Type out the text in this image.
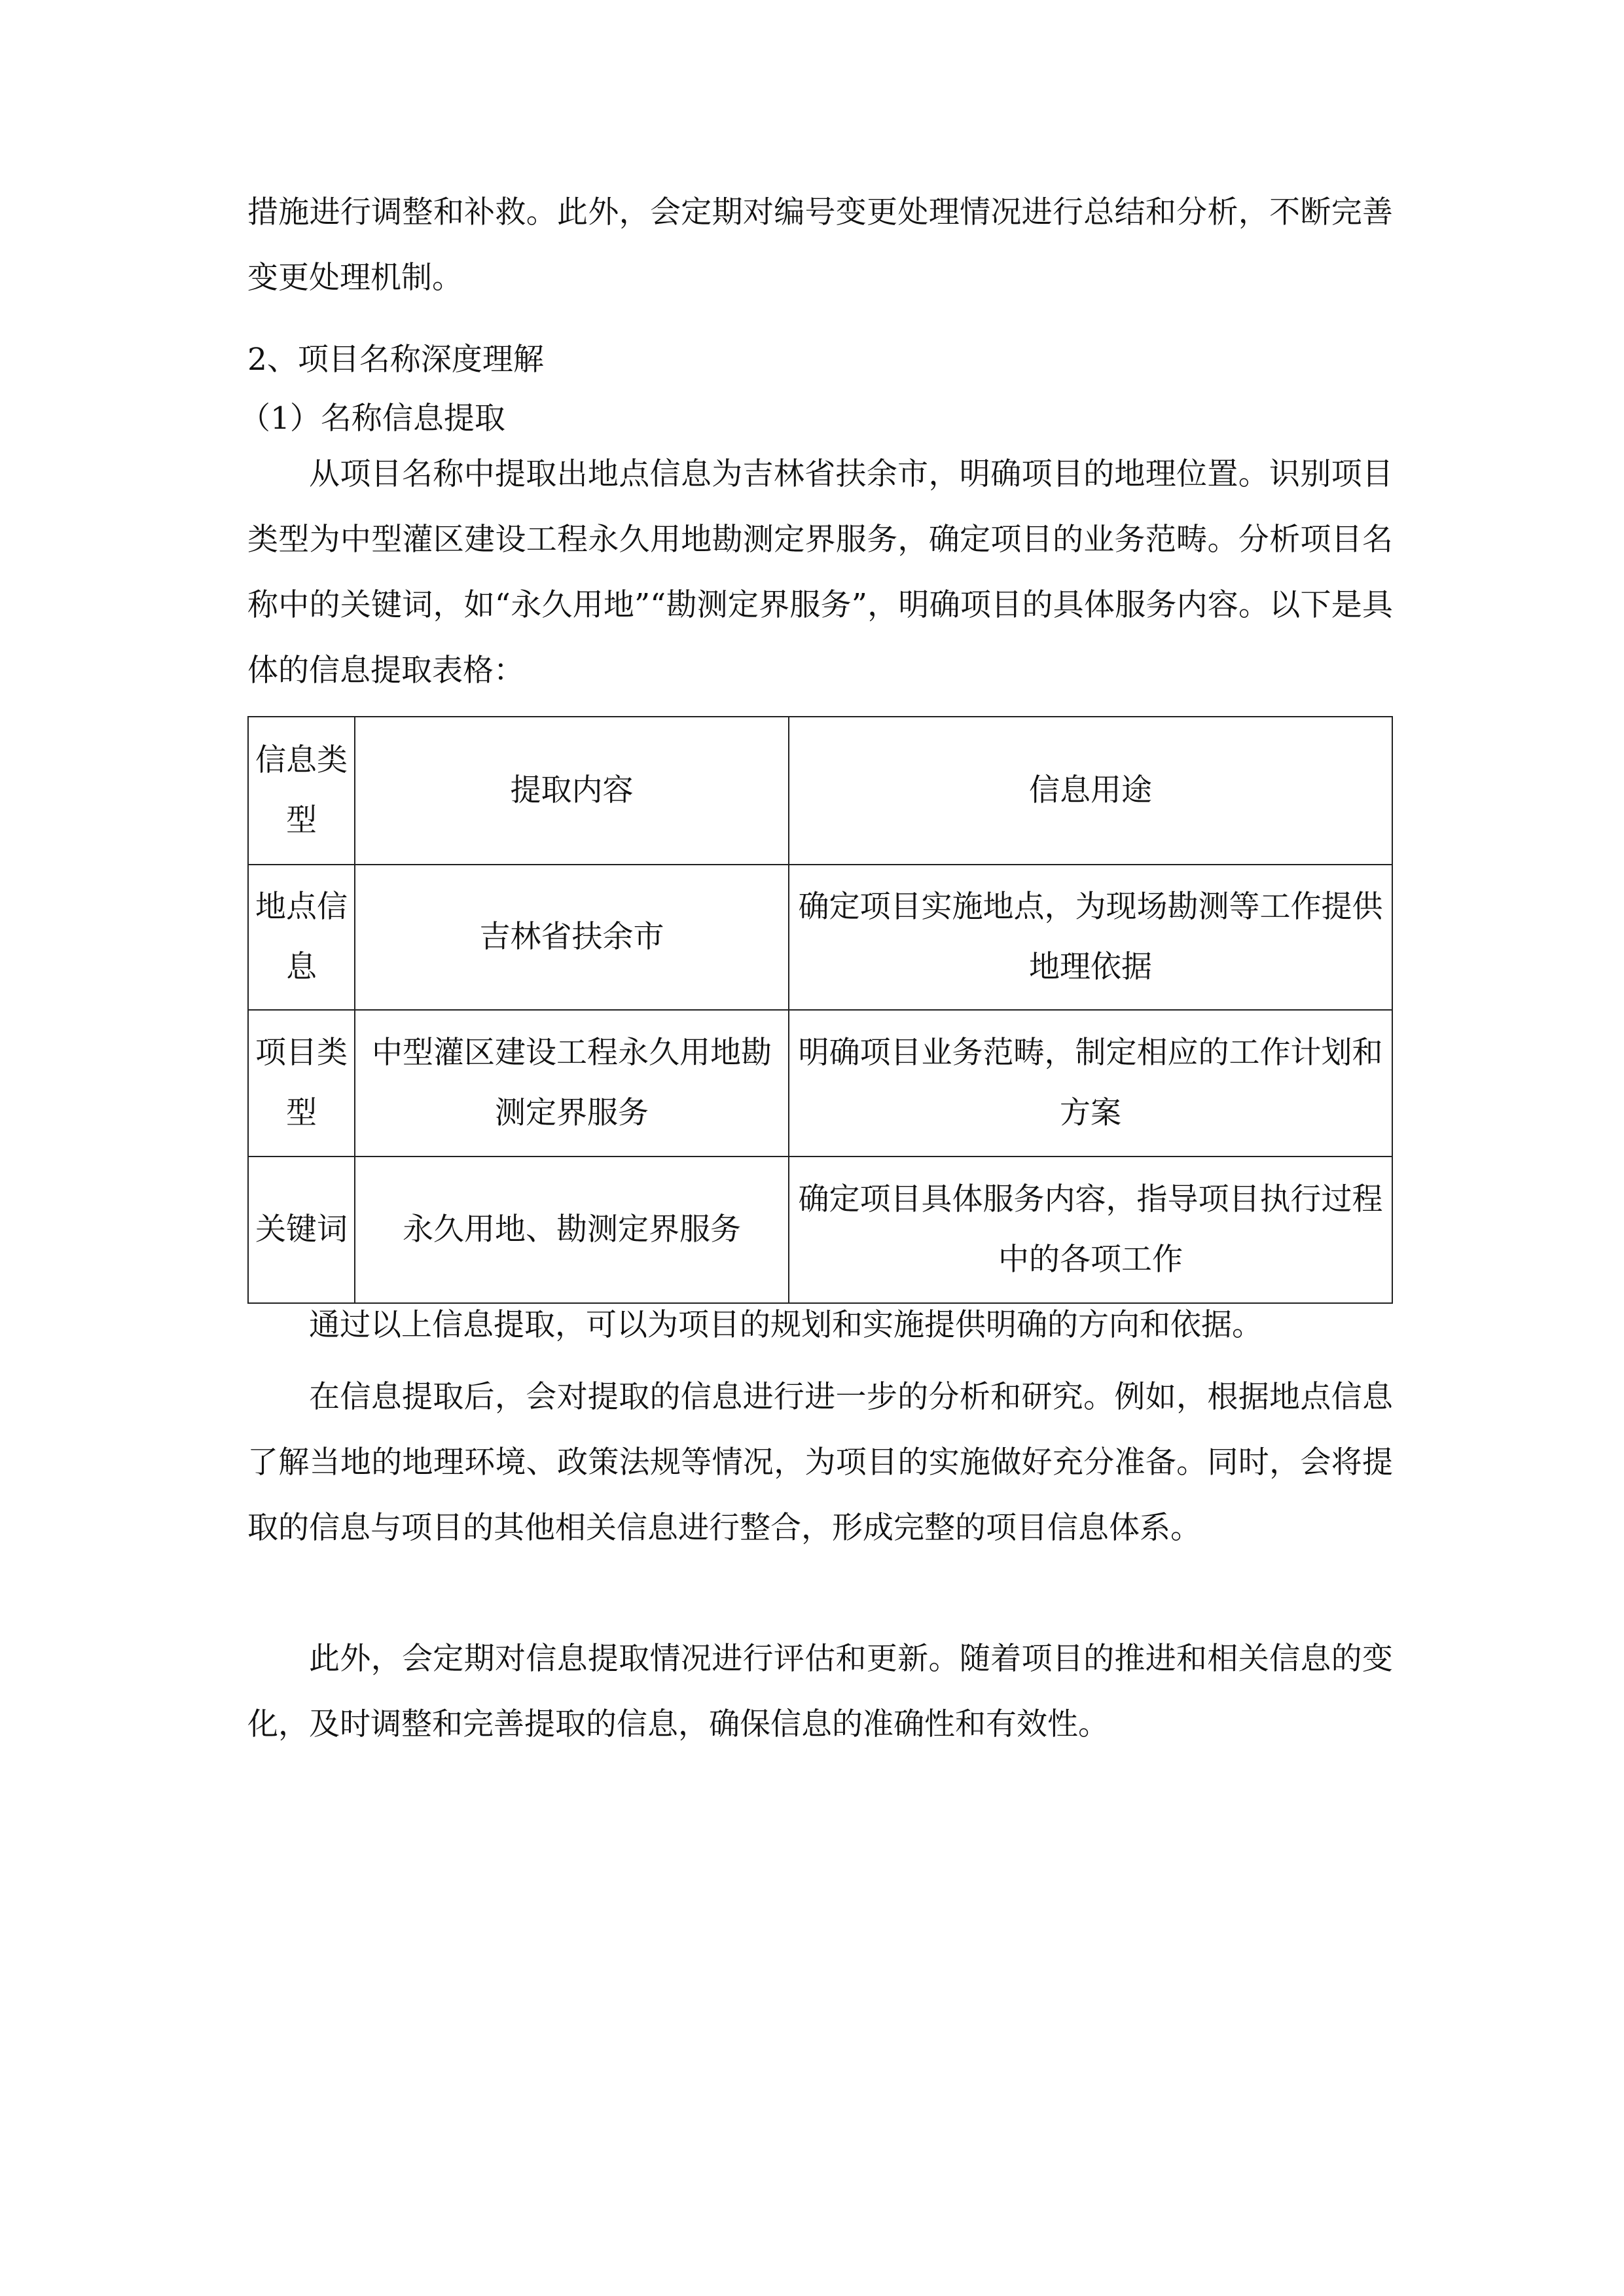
措施进行调整和补救。此外，会定期对编号变更处理情况进行总结和分析，不断完善变更处理机制。

2、项目名称深度理解

（1）名称信息提取

从项目名称中提取出地点信息为吉林省扶余市，明确项目的地理位置。识别项目类型为中型灌区建设工程永久用地勘测定界服务，确定项目的业务范畴。分析项目名称中的关键词，如“永久用地”“勘测定界服务”，明确项目的具体服务内容。以下是具体的信息提取表格：

信息类型	提取内容	信息用途
地点信息	吉林省扶余市	确定项目实施地点，为现场勘测等工作提供地理依据
项目类型	中型灌区建设工程永久用地勘测定界服务	明确项目业务范畴，制定相应的工作计划和方案
关键词	永久用地、勘测定界服务	确定项目具体服务内容，指导项目执行过程中的各项工作

通过以上信息提取，可以为项目的规划和实施提供明确的方向和依据。

在信息提取后，会对提取的信息进行进一步的分析和研究。例如，根据地点信息了解当地的地理环境、政策法规等情况，为项目的实施做好充分准备。同时，会将提取的信息与项目的其他相关信息进行整合，形成完整的项目信息体系。

此外，会定期对信息提取情况进行评估和更新。随着项目的推进和相关信息的变化，及时调整和完善提取的信息，确保信息的准确性和有效性。
